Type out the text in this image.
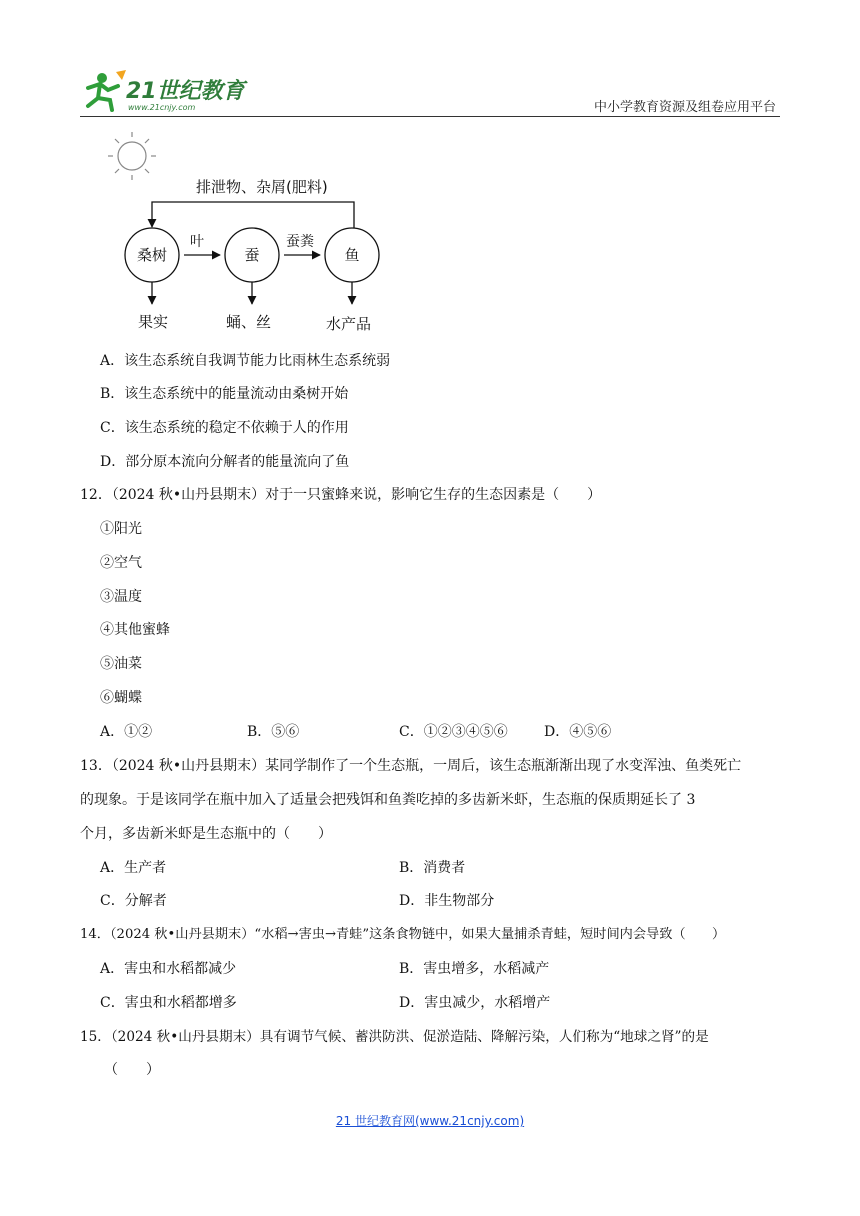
21世纪教育
www.21cnjy.com	中小学教育资源及组卷应用平台
排泄物、杂屑(肥料)
桑树	蚕	鱼
叶	蚕粪
果实	蛹、丝	水产品
A．该生态系统自我调节能力比雨林生态系统弱
B．该生态系统中的能量流动由桑树开始
C．该生态系统的稳定不依赖于人的作用
D．部分原本流向分解者的能量流向了鱼
12．（2024 秋•山丹县期末）对于一只蜜蜂来说，影响它生存的生态因素是（　　）
①阳光
②空气
③温度
④其他蜜蜂
⑤油菜
⑥蝴蝶
A．①②	B．⑤⑥	C．①②③④⑤⑥	D．④⑤⑥
13．（2024 秋•山丹县期末）某同学制作了一个生态瓶，一周后，该生态瓶渐渐出现了水变浑浊、鱼类死亡
的现象。于是该同学在瓶中加入了适量会把残饵和鱼粪吃掉的多齿新米虾，生态瓶的保质期延长了 3
个月，多齿新米虾是生态瓶中的（　　）
A．生产者	B．消费者
C．分解者	D．非生物部分
14．（2024 秋•山丹县期末）“水稻→害虫→青蛙”这条食物链中，如果大量捕杀青蛙，短时间内会导致（　　）
A．害虫和水稻都减少	B．害虫增多，水稻减产
C．害虫和水稻都增多	D．害虫减少，水稻增产
15．（2024 秋•山丹县期末）具有调节气候、蓄洪防洪、促淤造陆、降解污染，人们称为“地球之肾”的是
（　　）
21 世纪教育网(www.21cnjy.com)
